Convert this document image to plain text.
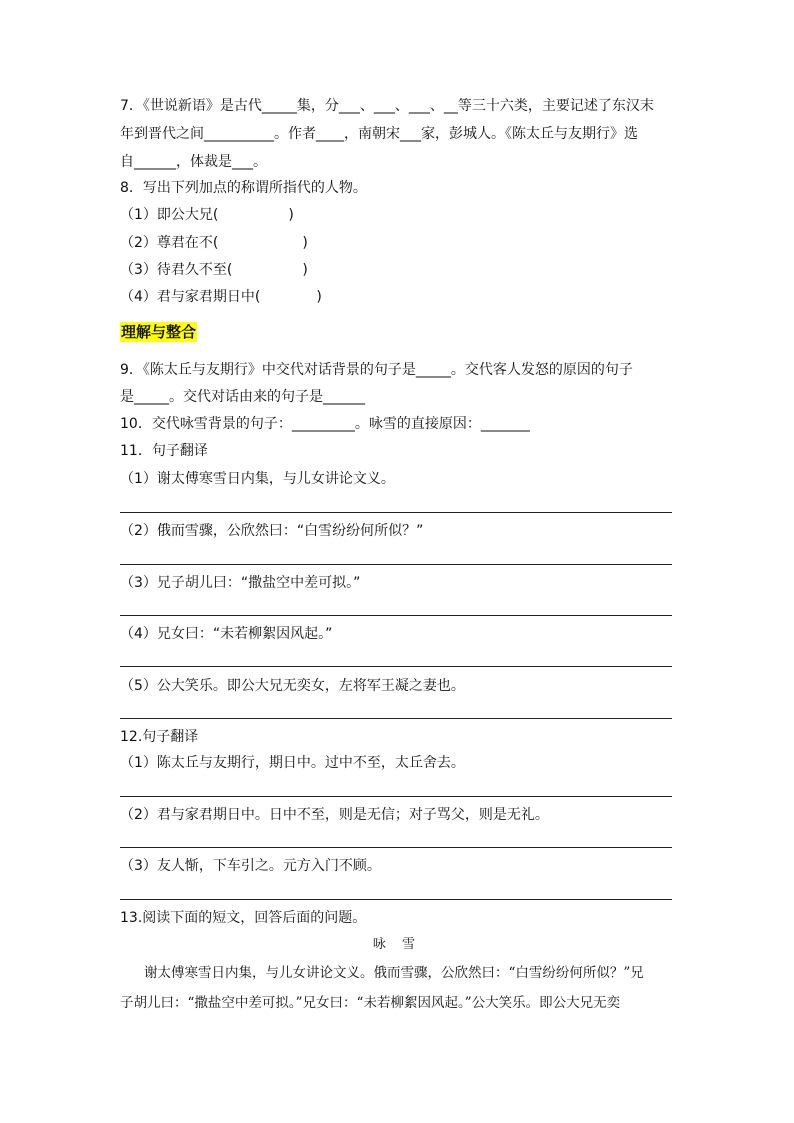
7．《世说新语》是古代_____集，分___、___、___、__等三十六类，主要记述了东汉末
年到晋代之间__________。作者____，南朝宋___家，彭城人。《陈太丘与友期行》选
自______，体裁是___。
8．写出下列加点的称谓所指代的人物。
（1）即公大兄(　　　　　)
（2）尊君在不(　　　　　　)
（3）待君久不至(　　　　　)
（4）君与家君期日中(　　　　)
理解与整合
9．《陈太丘与友期行》中交代对话背景的句子是_____。交代客人发怒的原因的句子
是_____。交代对话由来的句子是______
10．交代咏雪背景的句子：_________。咏雪的直接原因：_______
11．句子翻译
（1）谢太傅寒雪日内集，与儿女讲论文义。
（2）俄而雪骤，公欣然曰：“白雪纷纷何所似？”
（3）兄子胡儿曰：“撒盐空中差可拟。”
（4）兄女曰：“未若柳絮因风起。”
（5）公大笑乐。即公大兄无奕女，左将军王凝之妻也。
12.句子翻译
（1）陈太丘与友期行，期日中。过中不至，太丘舍去。
（2）君与家君期日中。日中不至，则是无信；对子骂父，则是无礼。
（3）友人惭，下车引之。元方入门不顾。
13.阅读下面的短文，回答后面的问题。
咏 雪
谢太傅寒雪日内集，与儿女讲论文义。俄而雪骤，公欣然曰：“白雪纷纷何所似？”兄
子胡儿曰：“撒盐空中差可拟。”兄女曰：“未若柳絮因风起。”公大笑乐。即公大兄无奕
